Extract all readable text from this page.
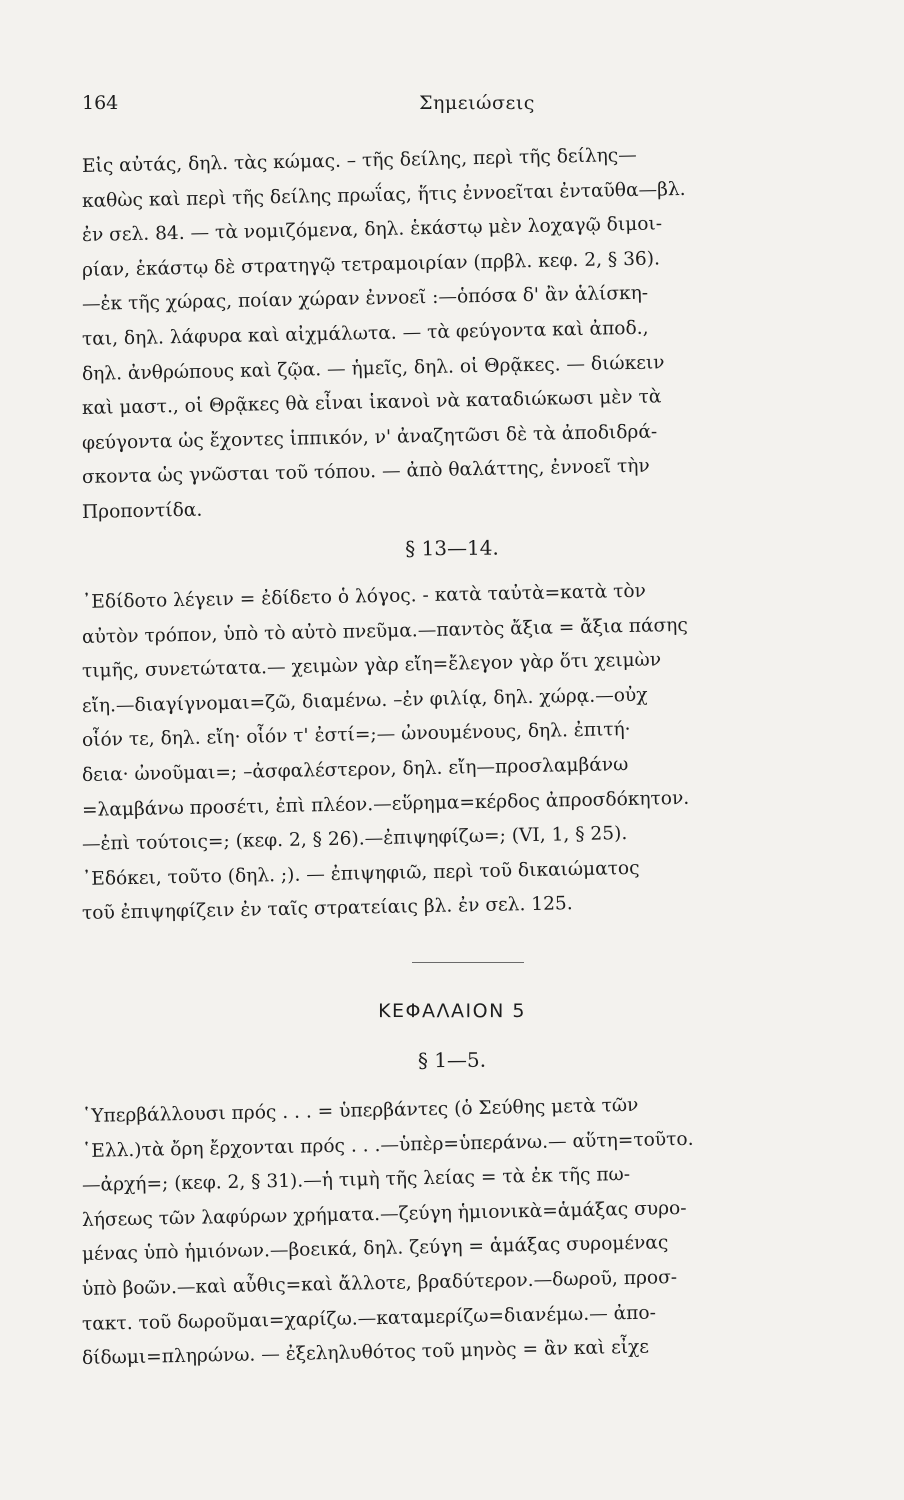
164	Σημειώσεις
Εἰς αὐτάς, δηλ. τὰς κώμας. – τῆς δείλης, περὶ τῆς δείλης—
καθὼς καὶ περὶ τῆς δείλης πρωΐας, ἥτις ἐννοεῖται ἐνταῦθα—βλ.
ἐν σελ. 84. — τὰ νομιζόμενα, δηλ. ἑκάστῳ μὲν λοχαγῷ διμοι-
ρίαν, ἑκάστῳ δὲ στρατηγῷ τετραμοιρίαν (πρβλ. κεφ. 2, § 36).
—ἐκ τῆς χώρας, ποίαν χώραν ἐννοεῖ :—ὁπόσα δ' ἂν ἁλίσκη-
ται, δηλ. λάφυρα καὶ αἰχμάλωτα. — τὰ φεύγοντα καὶ ἀποδ.,
δηλ. ἀνθρώπους καὶ ζῷα. — ἡμεῖς, δηλ. οἱ Θρᾷκες. — διώκειν
καὶ μαστ., οἱ Θρᾷκες θὰ εἶναι ἱκανοὶ νὰ καταδιώκωσι μὲν τὰ
φεύγοντα ὡς ἔχοντες ἱππικόν, ν' ἀναζητῶσι δὲ τὰ ἀποδιδρά-
σκοντα ὡς γνῶσται τοῦ τόπου. — ἀπὸ θαλάττης, ἐννοεῖ τὴν
Προποντίδα.
§ 13—14.
᾿Εδίδοτο λέγειν = ἐδίδετο ὁ λόγος. - κατὰ ταὐτὰ=κατὰ τὸν
αὐτὸν τρόπον, ὑπὸ τὸ αὐτὸ πνεῦμα.—παντὸς ἄξια = ἄξια πάσης
τιμῆς, συνετώτατα.— χειμὼν γὰρ εἴη=ἔλεγον γὰρ ὅτι χειμὼν
εἴη.—διαγίγνομαι=ζῶ, διαμένω. –ἐν φιλίᾳ, δηλ. χώρᾳ.—οὐχ
οἷόν τε, δηλ. εἴη· οἷόν τ' ἐστί=;— ὠνουμένους, δηλ. ἐπιτή·
δεια· ὠνοῦμαι=; –ἀσφαλέστερον, δηλ. εἴη—προσλαμβάνω
=λαμβάνω προσέτι, ἐπὶ πλέον.—εὕρημα=κέρδος ἀπροσδόκητον.
—ἐπὶ τούτοις=; (κεφ. 2, § 26).—ἐπιψηφίζω=; (VI, 1, § 25).
᾿Εδόκει, τοῦτο (δηλ. ;). — ἐπιψηφιῶ, περὶ τοῦ δικαιώματος
τοῦ ἐπιψηφίζειν ἐν ταῖς στρατείαις βλ. ἐν σελ. 125.
ΚΕΦΑΛΑΙΟΝ 5
§ 1—5.
῾Υπερβάλλουσι πρός . . . = ὑπερβάντες (ὁ Σεύθης μετὰ τῶν
῾Ελλ.)τὰ ὄρη ἔρχονται πρός . . .—ὑπὲρ=ὑπεράνω.— αὕτη=τοῦτο.
—ἀρχή=; (κεφ. 2, § 31).—ἡ τιμὴ τῆς λείας = τὰ ἐκ τῆς πω-
λήσεως τῶν λαφύρων χρήματα.—ζεύγη ἡμιονικὰ=ἁμάξας συρο-
μένας ὑπὸ ἡμιόνων.—βοεικά, δηλ. ζεύγη = ἁμάξας συρομένας
ὑπὸ βοῶν.—καὶ αὖθις=καὶ ἄλλοτε, βραδύτερον.—δωροῦ, προσ-
τακτ. τοῦ δωροῦμαι=χαρίζω.—καταμερίζω=διανέμω.— ἀπο-
δίδωμι=πληρώνω. — ἐξεληλυθότος τοῦ μηνὸς = ἂν καὶ εἶχε
